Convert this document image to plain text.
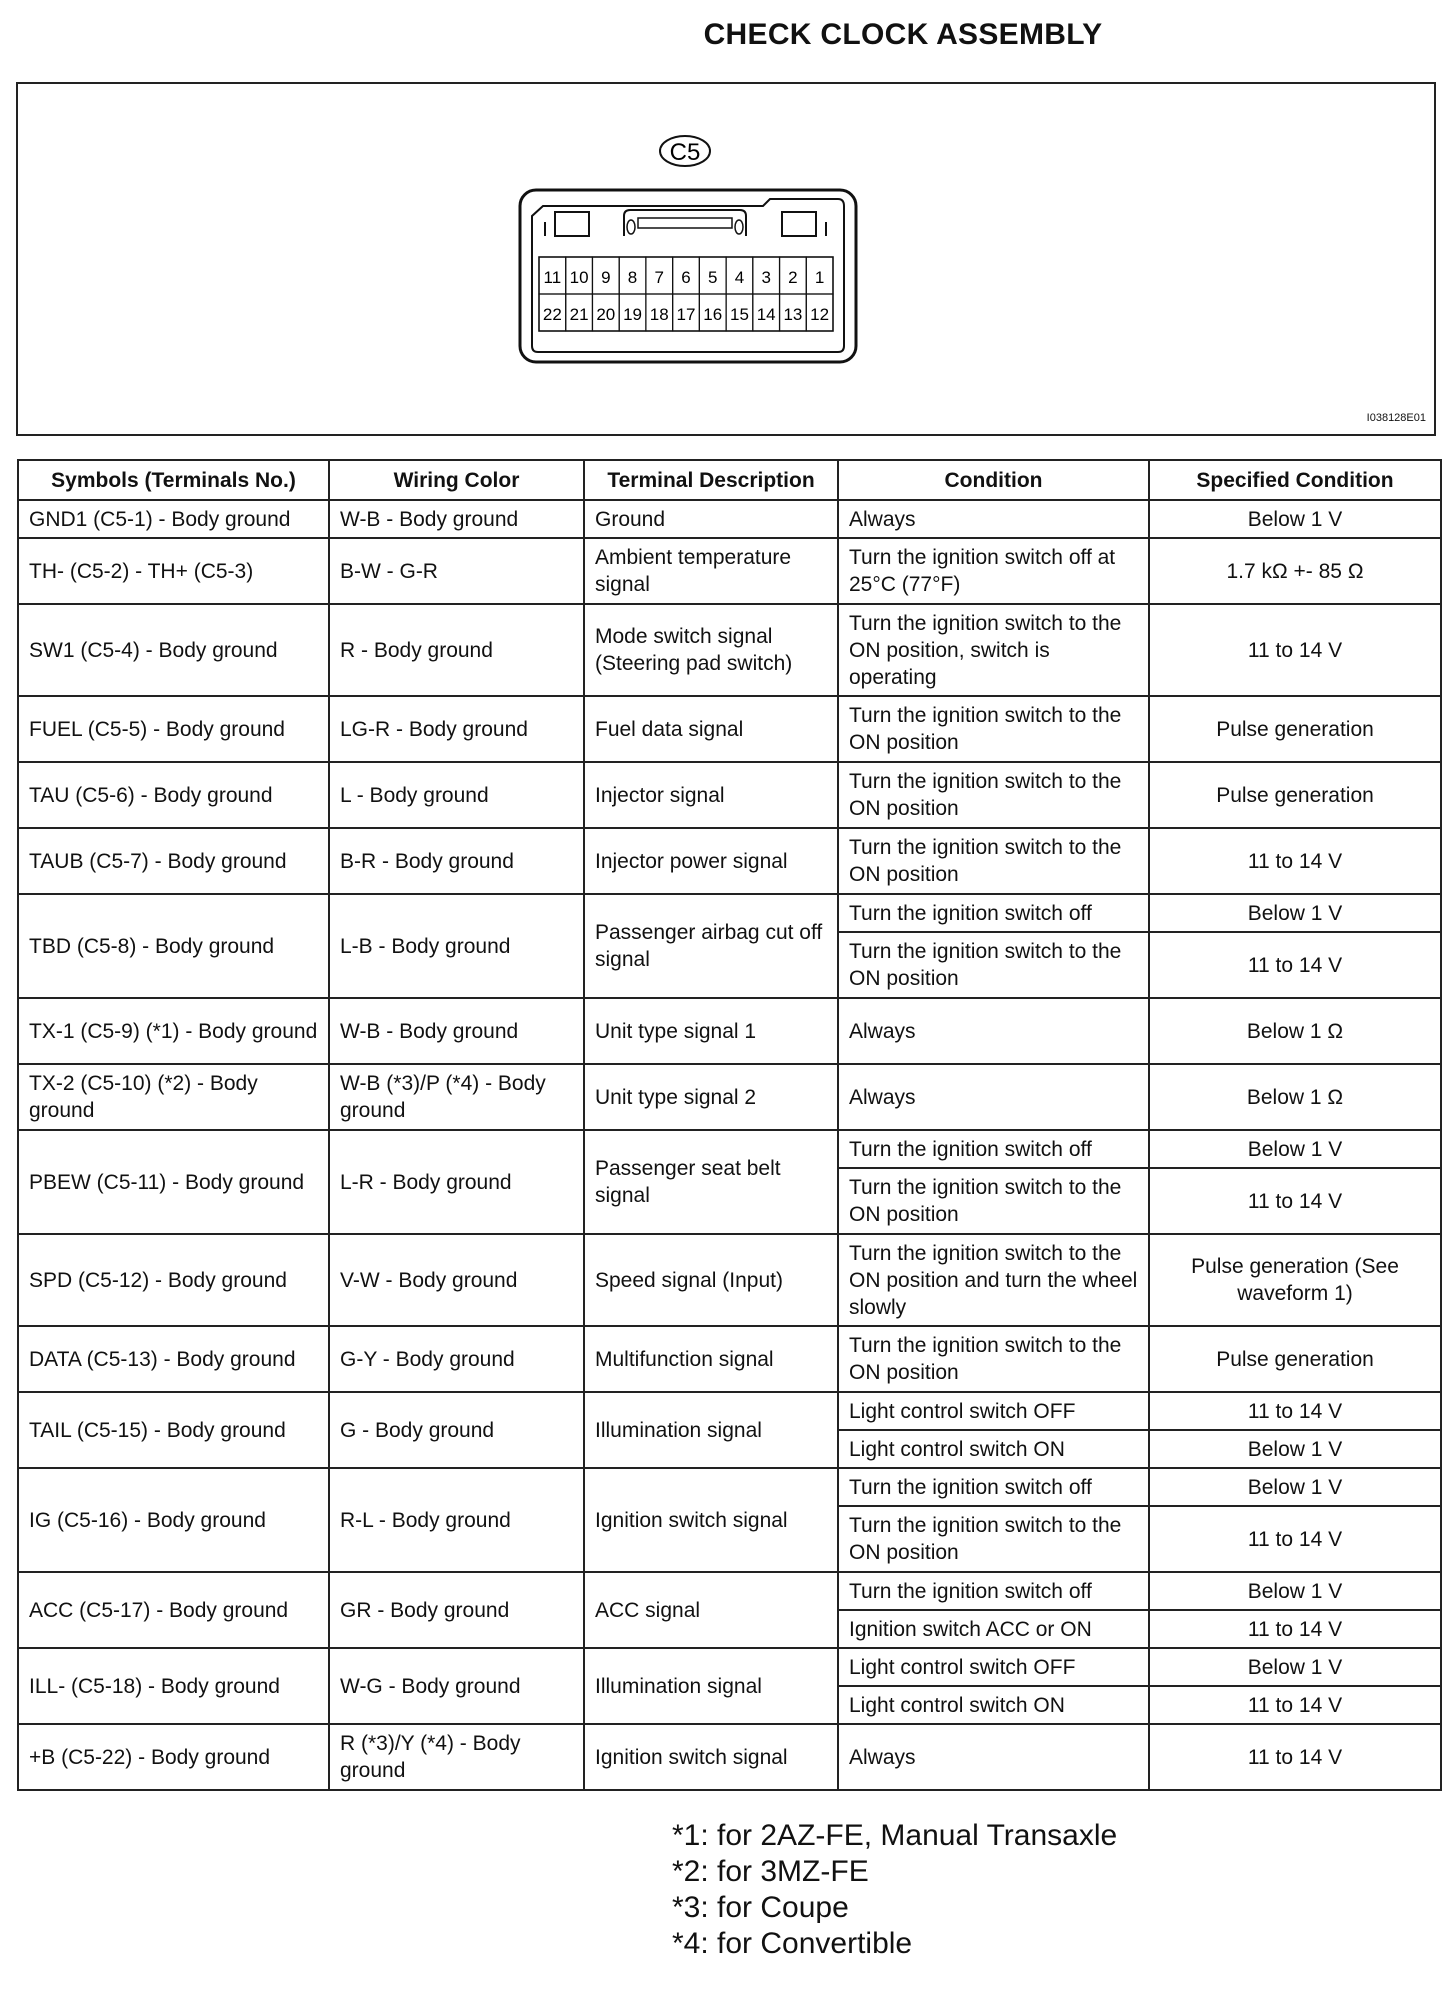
CHECK CLOCK ASSEMBLY
C5
11 10 9 8 7 6 5 4 3 2 1
22 21 20 19 18 17 16 15 14 13 12
I038128E01
Symbols (Terminals No.)	Wiring Color	Terminal Description	Condition	Specified Condition
GND1 (C5-1) - Body ground	W-B - Body ground	Ground	Always	Below 1 V
TH- (C5-2) - TH+ (C5-3)	B-W - G-R	Ambient temperature signal	Turn the ignition switch off at 25°C (77°F)	1.7 kΩ +- 85 Ω
SW1 (C5-4) - Body ground	R - Body ground	Mode switch signal (Steering pad switch)	Turn the ignition switch to the ON position, switch is operating	11 to 14 V
FUEL (C5-5) - Body ground	LG-R - Body ground	Fuel data signal	Turn the ignition switch to the ON position	Pulse generation
TAU (C5-6) - Body ground	L - Body ground	Injector signal	Turn the ignition switch to the ON position	Pulse generation
TAUB (C5-7) - Body ground	B-R - Body ground	Injector power signal	Turn the ignition switch to the ON position	11 to 14 V
TBD (C5-8) - Body ground	L-B - Body ground	Passenger airbag cut off signal	Turn the ignition switch off	Below 1 V
			Turn the ignition switch to the ON position	11 to 14 V
TX-1 (C5-9) (*1) - Body ground	W-B - Body ground	Unit type signal 1	Always	Below 1 Ω
TX-2 (C5-10) (*2) - Body ground	W-B (*3)/P (*4) - Body ground	Unit type signal 2	Always	Below 1 Ω
PBEW (C5-11) - Body ground	L-R - Body ground	Passenger seat belt signal	Turn the ignition switch off	Below 1 V
			Turn the ignition switch to the ON position	11 to 14 V
SPD (C5-12) - Body ground	V-W - Body ground	Speed signal (Input)	Turn the ignition switch to the ON position and turn the wheel slowly	Pulse generation (See waveform 1)
DATA (C5-13) - Body ground	G-Y - Body ground	Multifunction signal	Turn the ignition switch to the ON position	Pulse generation
TAIL (C5-15) - Body ground	G - Body ground	Illumination signal	Light control switch OFF	11 to 14 V
			Light control switch ON	Below 1 V
IG (C5-16) - Body ground	R-L - Body ground	Ignition switch signal	Turn the ignition switch off	Below 1 V
			Turn the ignition switch to the ON position	11 to 14 V
ACC (C5-17) - Body ground	GR - Body ground	ACC signal	Turn the ignition switch off	Below 1 V
			Ignition switch ACC or ON	11 to 14 V
ILL- (C5-18) - Body ground	W-G - Body ground	Illumination signal	Light control switch OFF	Below 1 V
			Light control switch ON	11 to 14 V
+B (C5-22) - Body ground	R (*3)/Y (*4) - Body ground	Ignition switch signal	Always	11 to 14 V
*1: for 2AZ-FE, Manual Transaxle
*2: for 3MZ-FE
*3: for Coupe
*4: for Convertible
